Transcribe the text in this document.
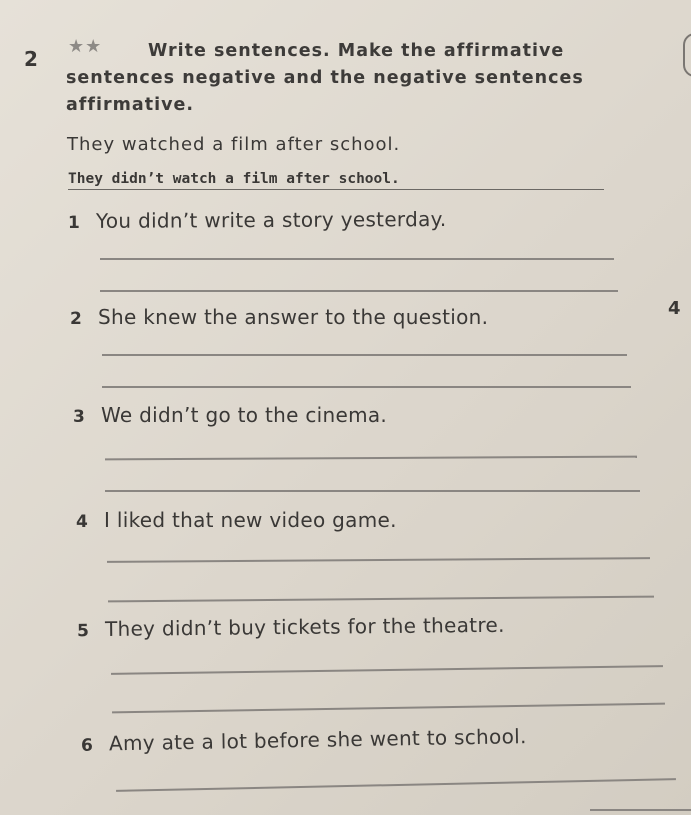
2
★★	Write sentences. Make the affirmative sentences negative and the negative sentences affirmative.

They watched a film after school.
They didn’t watch a film after school.
1 You didn’t write a story yesterday.
2 She knew the answer to the question.
3 We didn’t go to the cinema.
4 I liked that new video game.
5 They didn’t buy tickets for the theatre.
6 Amy ate a lot before she went to school.
4
